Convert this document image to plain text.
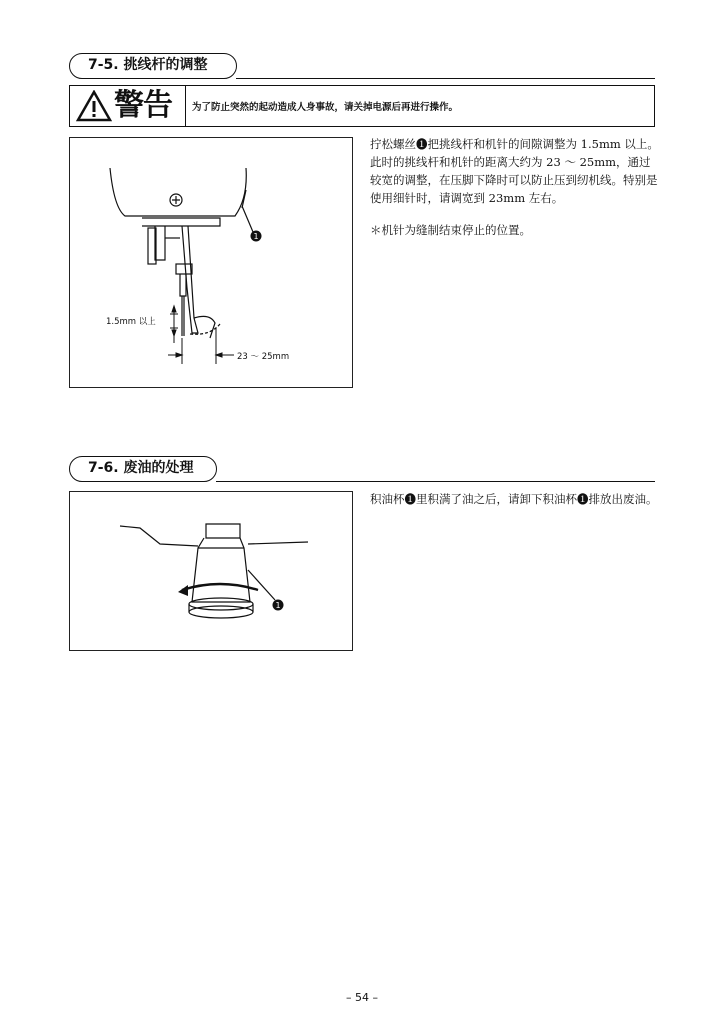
7-5. 挑线杆的调整
警告	为了防止突然的起动造成人身事故，请关掉电源后再进行操作。
1
1.5mm 以上
23 ～ 25mm

拧松螺丝❶把挑线杆和机针的间隙调整为 1.5mm 以上。

此时的挑线杆和机针的距离大约为 23 ～ 25mm，通过较宽的调整，在压脚下降时可以防止压到纫机线。特别是使用细针时，请调宽到 23mm 左右。

＊机针为缝制结束停止的位置。

7-6. 废油的处理
1

积油杯❶里积满了油之后，请卸下积油杯❶排放出废油。

– 54 –
